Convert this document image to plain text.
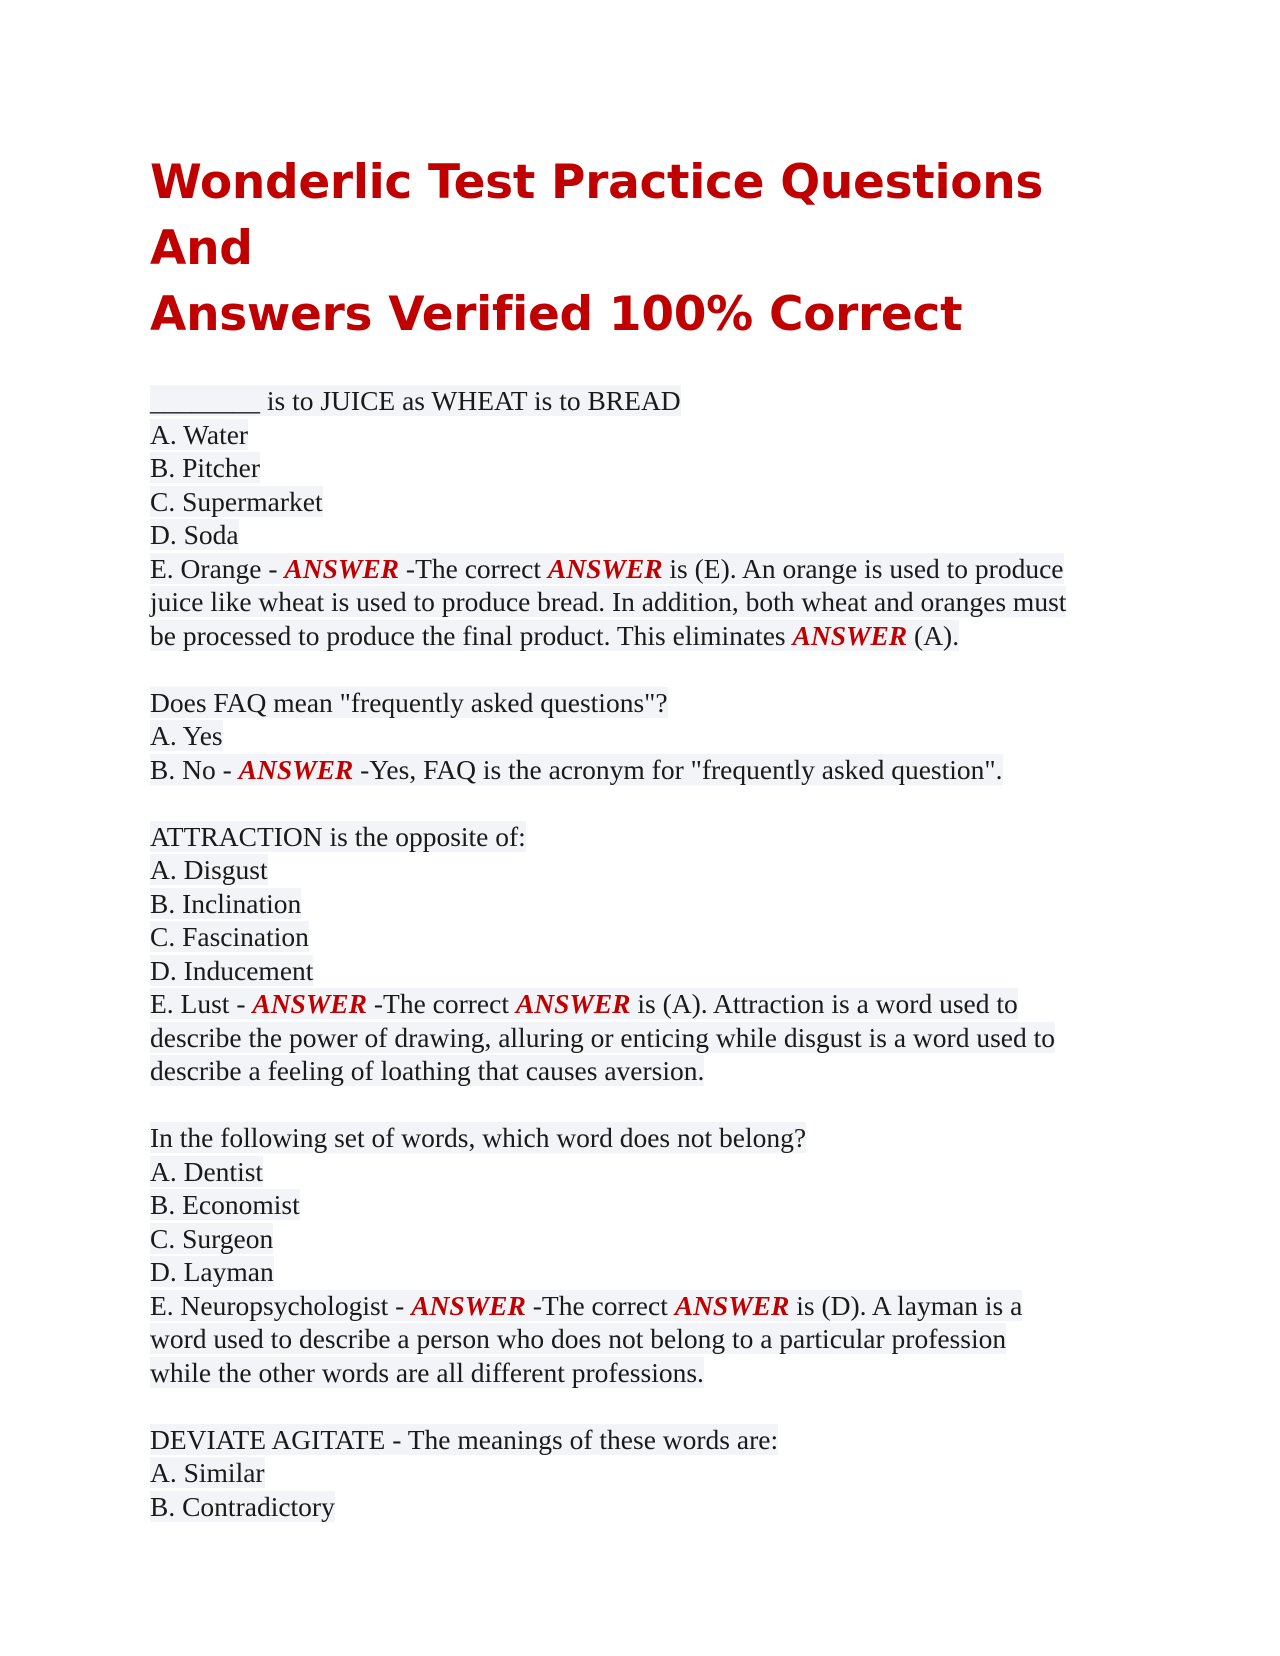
Wonderlic Test Practice Questions And
Answers Verified 100% Correct
________ is to JUICE as WHEAT is to BREAD
A. Water
B. Pitcher
C. Supermarket
D. Soda
E. Orange - ANSWER -The correct ANSWER is (E). An orange is used to produce
juice like wheat is used to produce bread. In addition, both wheat and oranges must
be processed to produce the final product. This eliminates ANSWER (A).
Does FAQ mean "frequently asked questions"?
A. Yes
B. No - ANSWER -Yes, FAQ is the acronym for "frequently asked question".
ATTRACTION is the opposite of:
A. Disgust
B. Inclination
C. Fascination
D. Inducement
E. Lust - ANSWER -The correct ANSWER is (A). Attraction is a word used to
describe the power of drawing, alluring or enticing while disgust is a word used to
describe a feeling of loathing that causes aversion.
In the following set of words, which word does not belong?
A. Dentist
B. Economist
C. Surgeon
D. Layman
E. Neuropsychologist - ANSWER -The correct ANSWER is (D). A layman is a
word used to describe a person who does not belong to a particular profession
while the other words are all different professions.
DEVIATE AGITATE - The meanings of these words are:
A. Similar
B. Contradictory
